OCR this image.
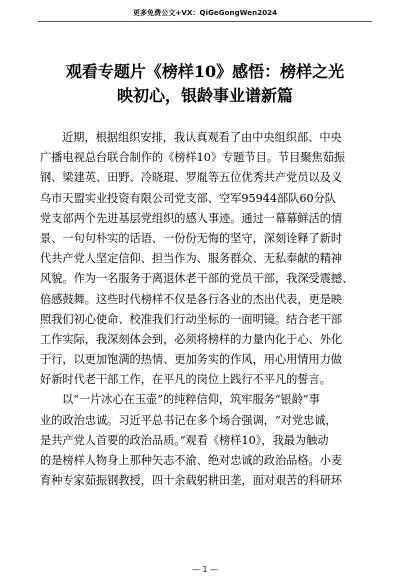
更多免费公文+VX：QiGeGongWen2024
观看专题片《榜样10》感悟：榜样之光
映初心，银龄事业谱新篇
近期，根据组织安排，我认真观看了由中央组织部、中央
广播电视总台联合制作的《榜样10》专题节目。节目聚焦茹振
钢、梁建英、田野、冷晓琨、罗胤等五位优秀共产党员以及义
乌市天盟实业投资有限公司党支部、空军95944部队60分队
党支部两个先进基层党组织的感人事迹。通过一幕幕鲜活的情
景、一句句朴实的话语、一份份无悔的坚守，深刻诠释了新时
代共产党人坚定信仰、担当作为、服务群众、无私奉献的精神
风貌。作为一名服务于离退休老干部的党员干部，我深受震撼、
倍感鼓舞。这些时代榜样不仅是各行各业的杰出代表，更是映
照我们初心使命、校准我们行动坐标的一面明镜。结合老干部
工作实际，我深刻体会到，必须将榜样的力量内化于心、外化
于行，以更加饱满的热情、更加务实的作风，用心用情用力做
好新时代老干部工作，在平凡的岗位上践行不平凡的誓言。
以“一片冰心在玉壶”的纯粹信仰，筑牢服务“银龄”事
业的政治忠诚。习近平总书记在多个场合强调，“对党忠诚，
是共产党人首要的政治品质。”观看《榜样10》，我最为触动
的是榜样人物身上那种矢志不渝、绝对忠诚的政治品格。小麦
育种专家茹振钢教授，四十余载躬耕田垄，面对艰苦的科研环
— 1 —
